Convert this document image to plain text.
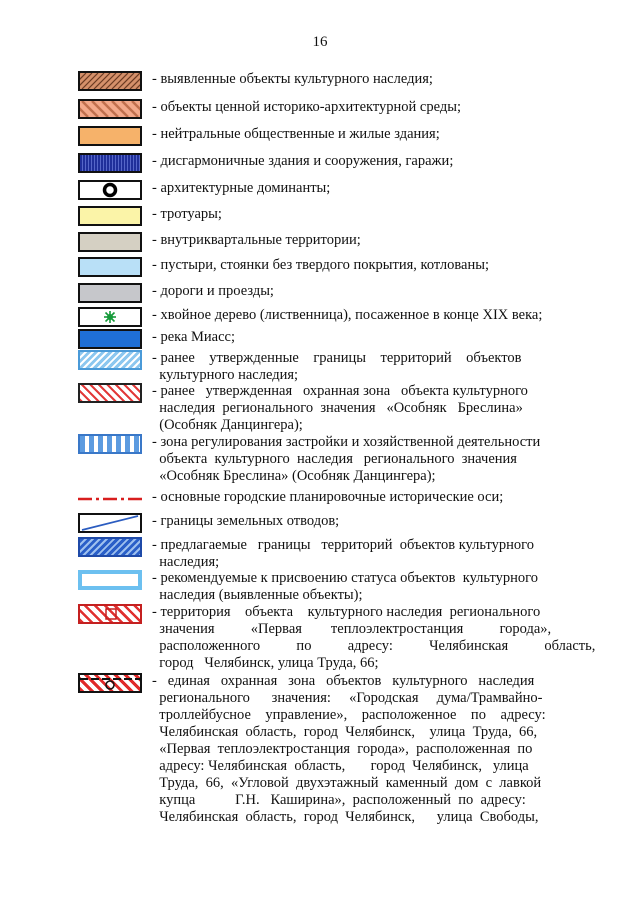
16
- выявленные объекты культурного наследия;
- объекты ценной историко-архитектурной среды;
- нейтральные общественные и жилые здания;
- дисгармоничные здания и сооружения, гаражи;
- архитектурные доминанты;
- тротуары;
- внутриквартальные территории;
- пустыри, стоянки без твердого покрытия, котлованы;
- дороги и проезды;
- хвойное дерево (лиственница), посаженное в конце XIX века;
- река Миасс;
- ранее    утвержденные    границы    территорий    объектов
культурного наследия;
- ранее   утвержденная   охранная зона   объекта культурного
наследия  регионального  значения   «Особняк   Бреслина»
(Особняк Данцингера);
- зона регулирования застройки и хозяйственной деятельности
объекта  культурного  наследия   регионального  значения
«Особняк Бреслина» (Особняк Данцингера);
- основные городские планировочные исторические оси;
- границы земельных отводов;
- предлагаемые   границы   территорий  объектов культурного
наследия;
- рекомендуемые к присвоению статуса объектов  культурного
наследия (выявленные объекты);
- территория    объекта    культурного наследия  регионального
значения          «Первая        теплоэлектростанция          города»,
расположенного          по          адресу:          Челябинская          область,
город   Челябинск, улица Труда, 66;
-   единая   охранная   зона   объектов   культурного   наследия
регионального      значения:     «Городская     дума/Трамвайно-
троллейбусное    управление»,    расположенное    по    адресу:
Челябинская  область,  город  Челябинск,    улица  Труда,  66,
«Первая  теплоэлектростанция  города»,  расположенная  по
адресу: Челябинская  область,       город  Челябинск,   улица
Труда,  66,  «Угловой  двухэтажный  каменный  дом  с  лавкой
купца           Г.Н.   Каширина»,  расположенный  по  адресу:
Челябинская  область,  город  Челябинск,      улица  Свободы,
